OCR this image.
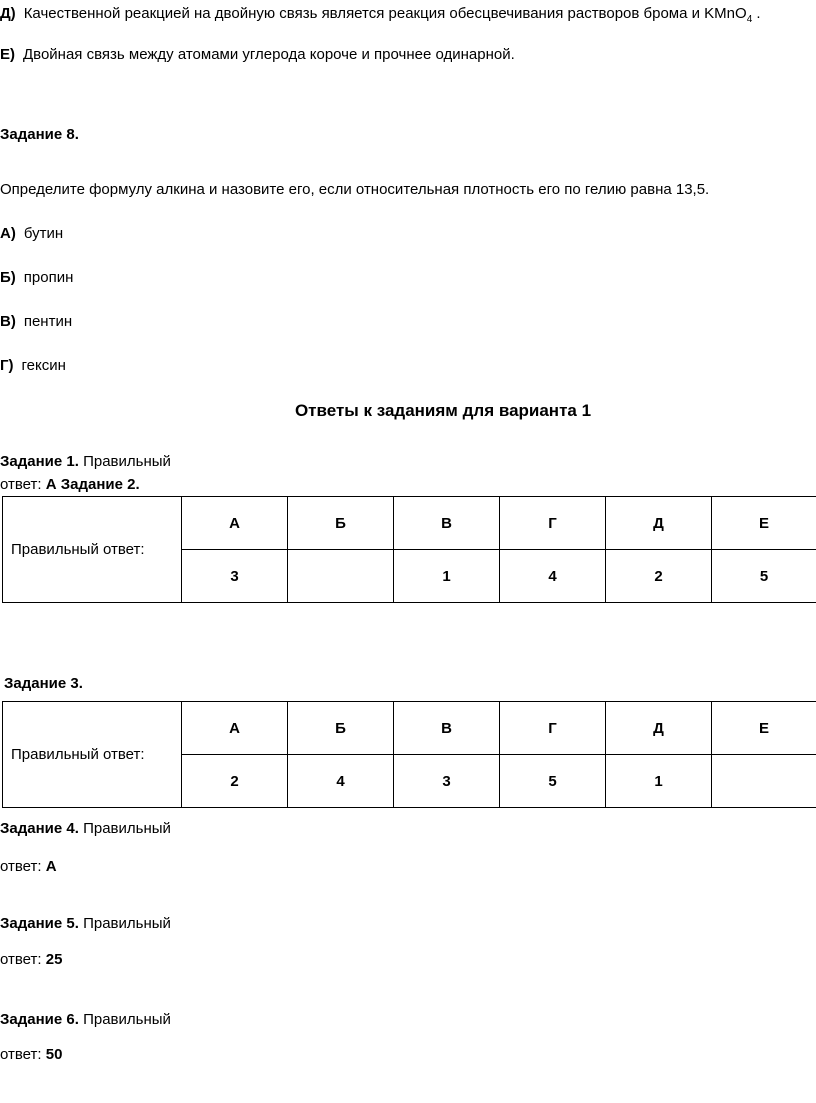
Д) Качественной реакцией на двойную связь является реакция обесцвечивания растворов брома и KMnO$_4$ .
Е) Двойная связь между атомами углерода короче и прочнее одинарной.
Задание 8.
Определите формулу алкина и назовите его, если относительная плотность его по гелию равна 13,5.
А) бутин
Б) пропин
В) пентин
Г) гексин
Ответы к заданиям для варианта 1
Задание 1. Правильный
ответ: А Задание 2.
Правильный ответ:	А	Б	В	Г	Д	Е
	3		1	4	2	5
Задание 3.
Правильный ответ:	А	Б	В	Г	Д	Е
	2	4	3	5	1	
Задание 4. Правильный
ответ: А
Задание 5. Правильный
ответ: 25
Задание 6. Правильный
ответ: 50
